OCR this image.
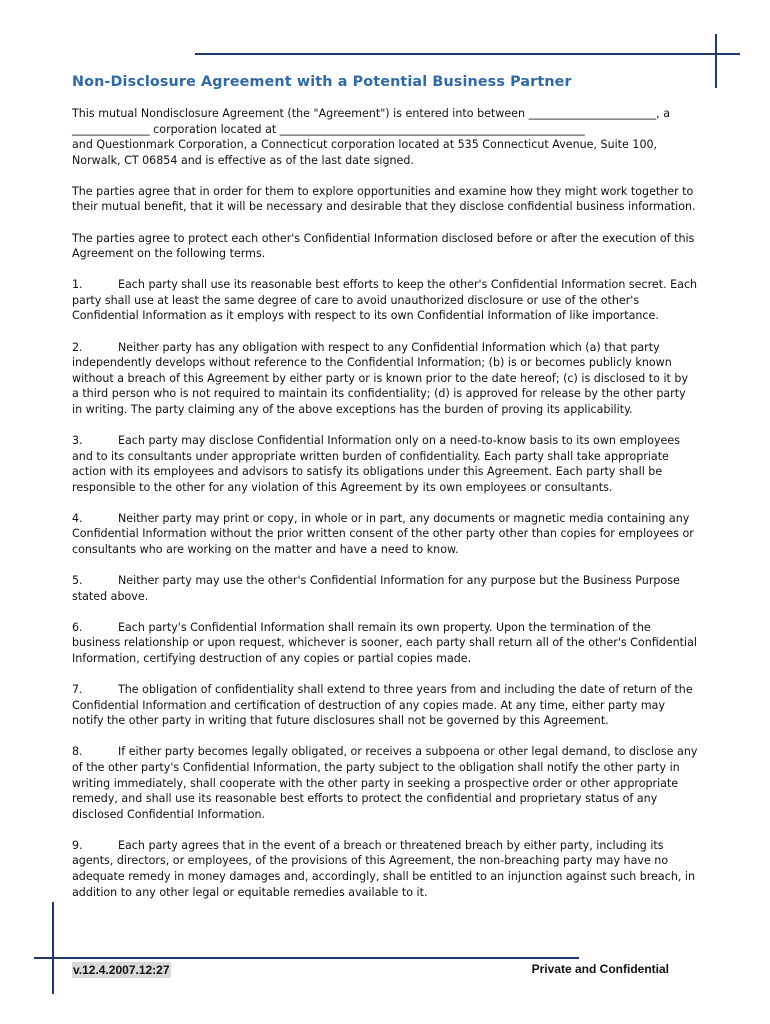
Non-Disclosure Agreement with a Potential Business Partner
This mutual Nondisclosure Agreement (the "Agreement") is entered into between _______________________, a
______________ corporation located at _______________________________________________________
and Questionmark Corporation, a Connecticut corporation located at 535 Connecticut Avenue, Suite 100,
Norwalk, CT 06854 and is effective as of the last date signed.
The parties agree that in order for them to explore opportunities and examine how they might work together to their mutual benefit, that it will be necessary and desirable that they disclose confidential business information.
The parties agree to protect each other's Confidential Information disclosed before or after the execution of this Agreement on the following terms.
1.	Each party shall use its reasonable best efforts to keep the other's Confidential Information secret. Each party shall use at least the same degree of care to avoid unauthorized disclosure or use of the other's Confidential Information as it employs with respect to its own Confidential Information of like importance.
2.	Neither party has any obligation with respect to any Confidential Information which (a) that party independently develops without reference to the Confidential Information; (b) is or becomes publicly known without a breach of this Agreement by either party or is known prior to the date hereof; (c) is disclosed to it by a third person who is not required to maintain its confidentiality; (d) is approved for release by the other party in writing. The party claiming any of the above exceptions has the burden of proving its applicability.
3.	Each party may disclose Confidential Information only on a need-to-know basis to its own employees and to its consultants under appropriate written burden of confidentiality. Each party shall take appropriate action with its employees and advisors to satisfy its obligations under this Agreement. Each party shall be responsible to the other for any violation of this Agreement by its own employees or consultants.
4.	Neither party may print or copy, in whole or in part, any documents or magnetic media containing any Confidential Information without the prior written consent of the other party other than copies for employees or consultants who are working on the matter and have a need to know.
5.	Neither party may use the other's Confidential Information for any purpose but the Business Purpose stated above.
6.	Each party's Confidential Information shall remain its own property. Upon the termination of the business relationship or upon request, whichever is sooner, each party shall return all of the other's Confidential Information, certifying destruction of any copies or partial copies made.
7.	The obligation of confidentiality shall extend to three years from and including the date of return of the Confidential Information and certification of destruction of any copies made. At any time, either party may notify the other party in writing that future disclosures shall not be governed by this Agreement.
8.	If either party becomes legally obligated, or receives a subpoena or other legal demand, to disclose any of the other party's Confidential Information, the party subject to the obligation shall notify the other party in writing immediately, shall cooperate with the other party in seeking a prospective order or other appropriate remedy, and shall use its reasonable best efforts to protect the confidential and proprietary status of any disclosed Confidential Information.
9.	Each party agrees that in the event of a breach or threatened breach by either party, including its agents, directors, or employees, of the provisions of this Agreement, the non-breaching party may have no adequate remedy in money damages and, accordingly, shall be entitled to an injunction against such breach, in addition to any other legal or equitable remedies available to it.
v.12.4.2007.12:27	Private and Confidential
